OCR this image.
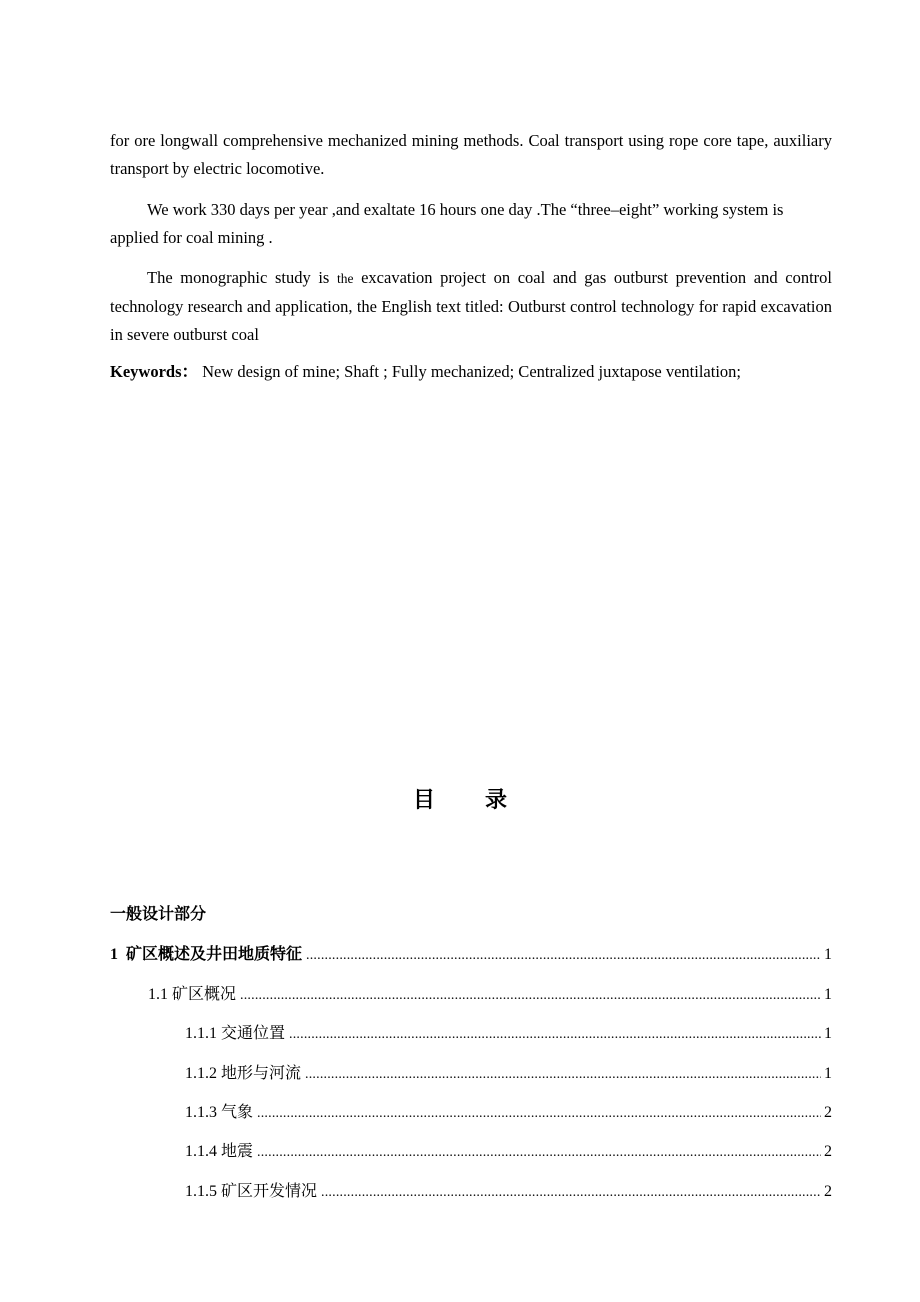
for ore longwall comprehensive mechanized mining methods. Coal transport using rope core tape, auxiliary transport by electric locomotive.

We work 330 days per year ,and exaltate 16 hours one day .The “three–eight” working system is applied for coal mining .

The monographic study is the excavation project on coal and gas outburst prevention and control technology research and application, the English text titled: Outburst control technology for rapid excavation in severe outburst coal

Keywords： New design of mine; Shaft ; Fully mechanized; Centralized juxtapose ventilation;

目 录
一般设计部分
1 矿区概述及井田地质特征 .....	1
1.1 矿区概况 .....	1
1.1.1 交通位置 .....	1
1.1.2 地形与河流 .....	1
1.1.3 气象 .....	2
1.1.4 地震 .....	2
1.1.5 矿区开发情况 .....	2
